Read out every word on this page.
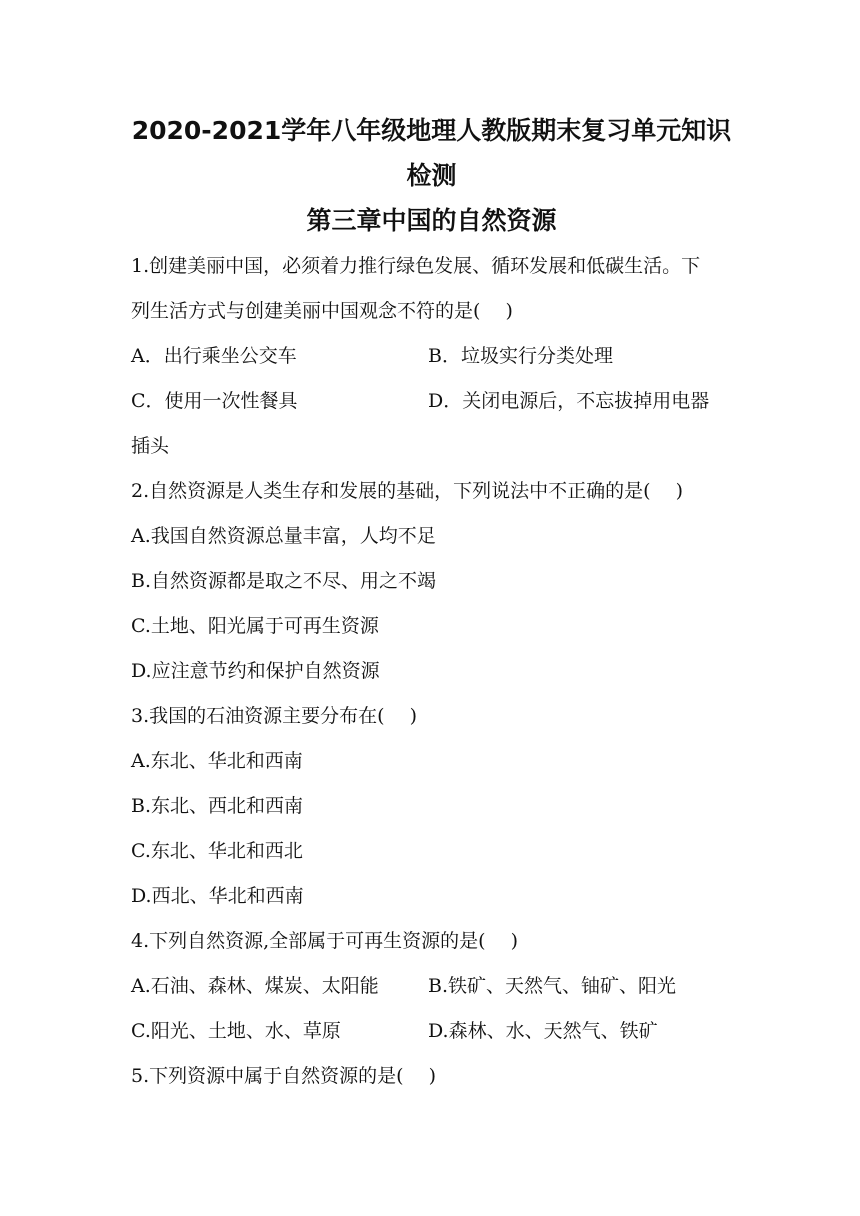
2020-2021学年八年级地理人教版期末复习单元知识

检测

第三章中国的自然资源

1.创建美丽中国，必须着力推行绿色发展、循环发展和低碳生活。下

列生活方式与创建美丽中国观念不符的是(　 )

A．出行乘坐公交车	B．垃圾实行分类处理
C．使用一次性餐具	D．关闭电源后，不忘拔掉用电器

插头

2.自然资源是人类生存和发展的基础，下列说法中不正确的是(　 )

A.我国自然资源总量丰富，人均不足

B.自然资源都是取之不尽、用之不竭

C.土地、阳光属于可再生资源

D.应注意节约和保护自然资源

3.我国的石油资源主要分布在(　 )

A.东北、华北和西南

B.东北、西北和西南

C.东北、华北和西北

D.西北、华北和西南

4.下列自然资源,全部属于可再生资源的是(　 )

A.石油、森林、煤炭、太阳能	B.铁矿、天然气、铀矿、阳光
C.阳光、土地、水、草原	D.森林、水、天然气、铁矿

5.下列资源中属于自然资源的是(　 )
